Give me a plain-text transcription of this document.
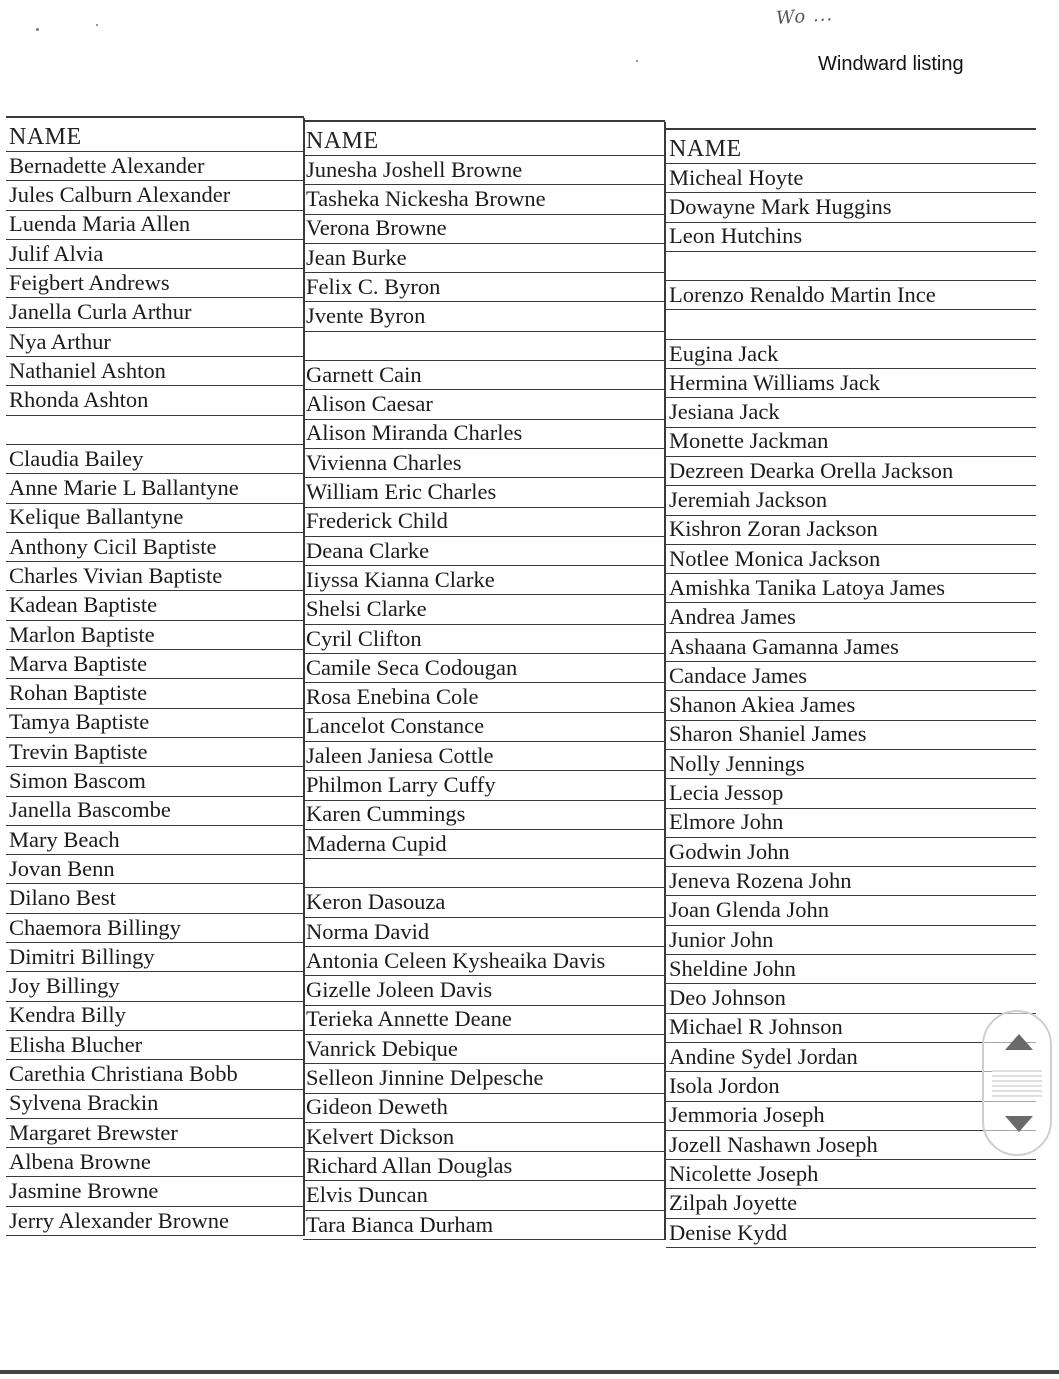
Wo ...
Windward listing
NAME
Bernadette Alexander
Jules Calburn Alexander
Luenda Maria Allen
Julif Alvia
Feigbert Andrews
Janella Curla Arthur
Nya Arthur
Nathaniel Ashton
Rhonda Ashton
Claudia Bailey
Anne Marie L Ballantyne
Kelique Ballantyne
Anthony Cicil Baptiste
Charles Vivian Baptiste
Kadean Baptiste
Marlon Baptiste
Marva Baptiste
Rohan Baptiste
Tamya Baptiste
Trevin Baptiste
Simon Bascom
Janella Bascombe
Mary Beach
Jovan Benn
Dilano Best
Chaemora Billingy
Dimitri Billingy
Joy Billingy
Kendra Billy
Elisha Blucher
Carethia Christiana Bobb
Sylvena Brackin
Margaret Brewster
Albena Browne
Jasmine Browne
Jerry Alexander Browne
NAME
Junesha Joshell Browne
Tasheka Nickesha Browne
Verona Browne
Jean Burke
Felix C. Byron
Jvente Byron
Garnett Cain
Alison Caesar
Alison Miranda Charles
Vivienna Charles
William Eric Charles
Frederick Child
Deana Clarke
Iiyssa Kianna Clarke
Shelsi Clarke
Cyril Clifton
Camile Seca Codougan
Rosa Enebina Cole
Lancelot Constance
Jaleen Janiesa Cottle
Philmon Larry Cuffy
Karen Cummings
Maderna Cupid
Keron Dasouza
Norma David
Antonia Celeen Kysheaika Davis
Gizelle Joleen Davis
Terieka Annette Deane
Vanrick Debique
Selleon Jinnine Delpesche
Gideon Deweth
Kelvert Dickson
Richard Allan Douglas
Elvis Duncan
Tara Bianca Durham
NAME
Micheal Hoyte
Dowayne Mark Huggins
Leon Hutchins
Lorenzo Renaldo Martin Ince
Eugina Jack
Hermina Williams Jack
Jesiana Jack
Monette Jackman
Dezreen Dearka Orella Jackson
Jeremiah Jackson
Kishron Zoran Jackson
Notlee Monica Jackson
Amishka Tanika Latoya James
Andrea James
Ashaana Gamanna James
Candace James
Shanon Akiea James
Sharon Shaniel James
Nolly Jennings
Lecia Jessop
Elmore John
Godwin John
Jeneva Rozena John
Joan Glenda John
Junior John
Sheldine John
Deo Johnson
Michael R Johnson
Andine Sydel Jordan
Isola Jordon
Jemmoria Joseph
Jozell Nashawn Joseph
Nicolette Joseph
Zilpah Joyette
Denise Kydd
